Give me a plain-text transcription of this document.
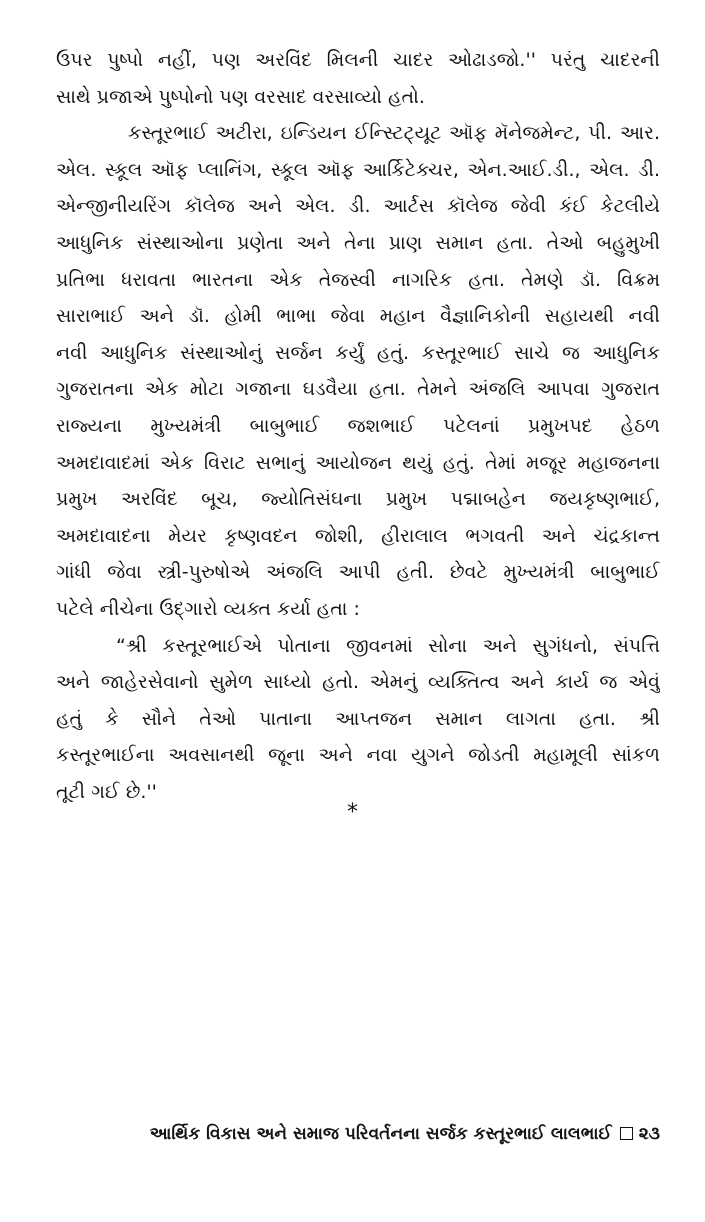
ઉપર પુષ્પો નહીં, પણ અરવિંદ મિલની ચાદર ઓઢાડજો.'' પરંતુ ચાદરની
સાથે પ્રજાએ પુષ્પોનો પણ વરસાદ વરસાવ્યો હતો.
કસ્તૂરભાઈ અટીરા, ઇન્ડિયન ઈન્સ્ટિટ્યૂટ ઑફ મૅનેજમેન્ટ, પી. આર.
એલ. સ્કૂલ ઑફ પ્લાનિંગ, સ્કૂલ ઑફ આર્કિટેક્ચર, એન.આઈ.ડી., એલ. ડી.
એન્જીનીયરિંગ કૉલેજ અને એલ. ડી. આર્ટસ કૉલેજ જેવી કંઈ કેટલીયે
આધુનિક સંસ્થાઓના પ્રણેતા અને તેના પ્રાણ સમાન હતા. તેઓ બહુમુખી
પ્રતિભા ધરાવતા ભારતના એક તેજસ્વી નાગરિક હતા. તેમણે ડૉ. વિક્રમ
સારાભાઈ અને ડૉ. હોમી ભાભા જેવા મહાન વૈજ્ઞાનિકોની સહાયથી નવી
નવી આધુનિક સંસ્થાઓનું સર્જન કર્યું હતું. કસ્તૂરભાઈ સાચે જ આધુનિક
ગુજરાતના એક મોટા ગજાના ઘડવૈયા હતા. તેમને અંજલિ આપવા ગુજરાત
રાજ્યના મુખ્યમંત્રી બાબુભાઈ જશભાઈ પટેલનાં પ્રમુખપદ હેઠળ
અમદાવાદમાં એક વિરાટ સભાનું આયોજન થયું હતું. તેમાં મજૂર મહાજનના
પ્રમુખ અરવિંદ બૂચ, જ્યોતિસંઘના પ્રમુખ પદ્માબહેન જયકૃષ્ણભાઈ,
અમદાવાદના મેયર કૃષ્ણવદન જોશી, હીરાલાલ ભગવતી અને ચંદ્રકાન્ત
ગાંધી જેવા સ્ત્રી-પુરુષોએ અંજલિ આપી હતી. છેવટે મુખ્યમંત્રી બાબુભાઈ
પટેલે નીચેના ઉદ્‌ગારો વ્યક્ત કર્યા હતા :
“શ્રી કસ્તૂરભાઈએ પોતાના જીવનમાં સોના અને સુગંધનો, સંપત્તિ
અને જાહેરસેવાનો સુમેળ સાધ્યો હતો. એમનું વ્યક્તિત્વ અને કાર્ય જ એવું
હતું કે સૌને તેઓ પાતાના આપ્તજન સમાન લાગતા હતા. શ્રી
કસ્તૂરભાઈના અવસાનથી જૂના અને નવા યુગને જોડતી મહામૂલી સાંકળ
તૂટી ગઈ છે.''
*
આર્થિક વિકાસ અને સમાજ પરિવર્તનના સર્જક કસ્તૂરભાઈ લાલભાઈ ૨૩
